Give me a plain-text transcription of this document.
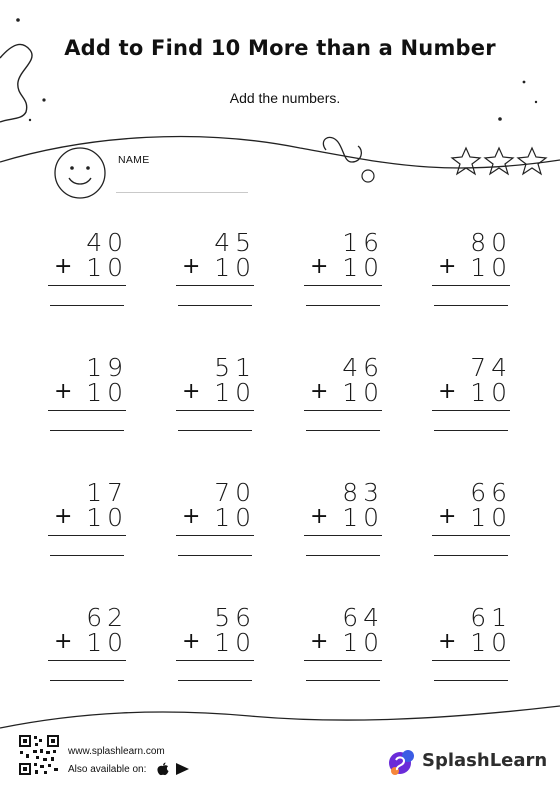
Add to Find 10 More than a Number
Add the numbers.
NAME
40
+ 10
45
+ 10
16
+ 10
80
+ 10
19
+ 10
51
+ 10
46
+ 10
74
+ 10
17
+ 10
70
+ 10
83
+ 10
66
+ 10
62
+ 10
56
+ 10
64
+ 10
61
+ 10
www.splashlearn.com
Also available on:	SplashLearn
